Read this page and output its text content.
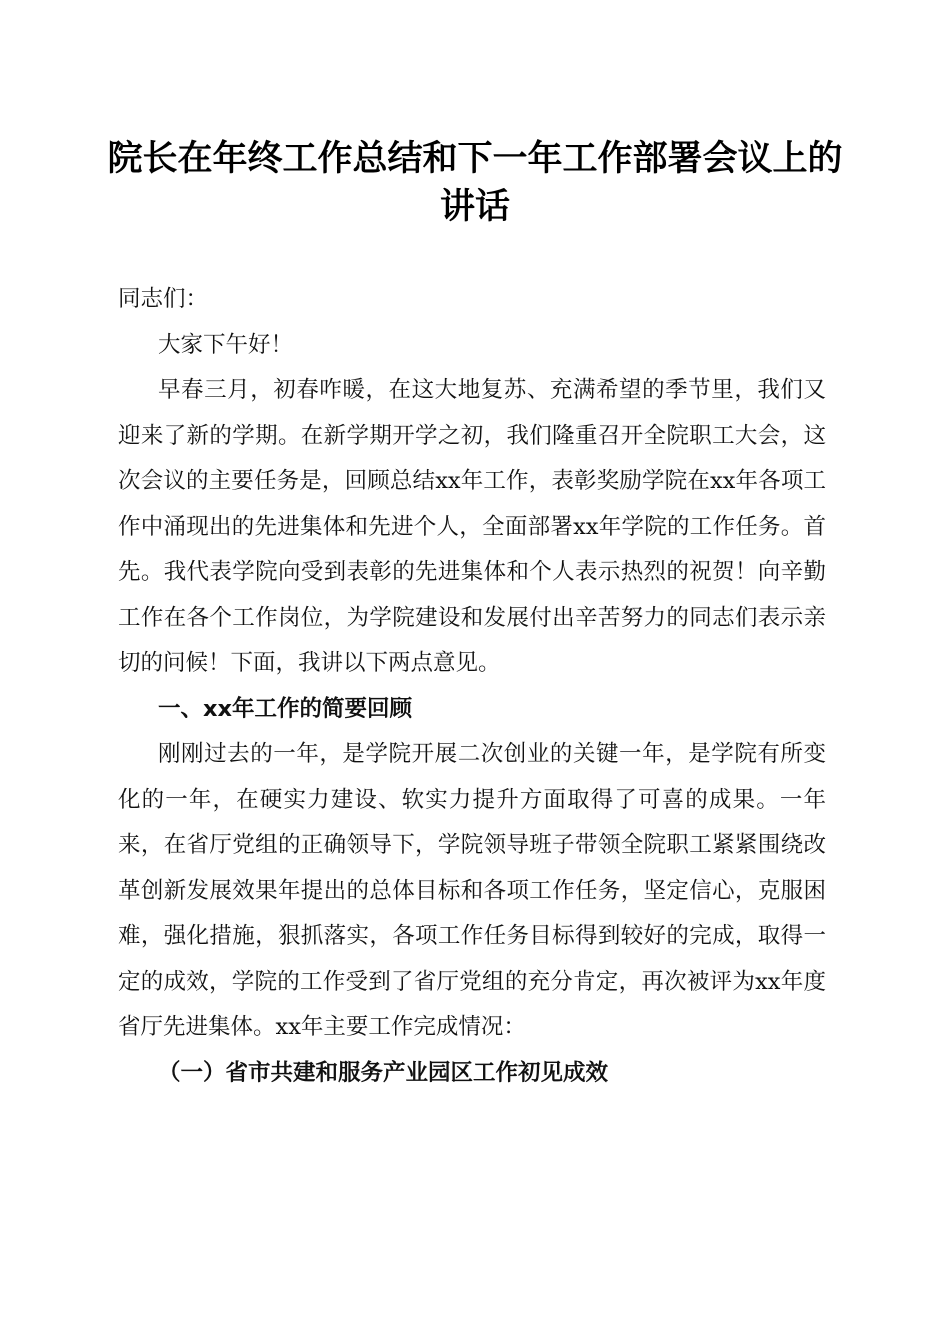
院长在年终工作总结和下一年工作部署会议上的讲话

同志们：

大家下午好！

早春三月，初春咋暖，在这大地复苏、充满希望的季节里，我们又迎来了新的学期。在新学期开学之初，我们隆重召开全院职工大会，这次会议的主要任务是，回顾总结xx年工作，表彰奖励学院在xx年各项工作中涌现出的先进集体和先进个人，全面部署xx年学院的工作任务。首先。我代表学院向受到表彰的先进集体和个人表示热烈的祝贺！向辛勤工作在各个工作岗位，为学院建设和发展付出辛苦努力的同志们表示亲切的问候！下面，我讲以下两点意见。

一、xx年工作的简要回顾

刚刚过去的一年，是学院开展二次创业的关键一年，是学院有所变化的一年，在硬实力建设、软实力提升方面取得了可喜的成果。一年来，在省厅党组的正确领导下，学院领导班子带领全院职工紧紧围绕改革创新发展效果年提出的总体目标和各项工作任务，坚定信心，克服困难，强化措施，狠抓落实，各项工作任务目标得到较好的完成，取得一定的成效，学院的工作受到了省厅党组的充分肯定，再次被评为xx年度省厅先进集体。xx年主要工作完成情况：

（一）省市共建和服务产业园区工作初见成效
